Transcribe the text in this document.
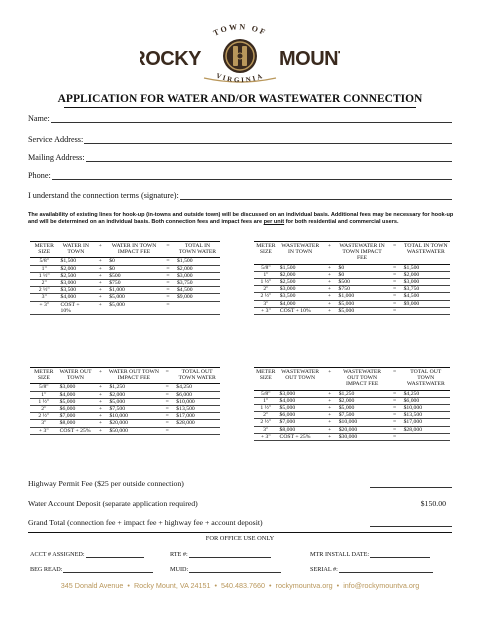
TOWN OF
OCKY	MOUN
VIRGINIA
APPLICATION FOR WATER AND/OR WASTEWATER CONNECTION
Name:
Service Address:
Mailing Address:
Phone:
I understand the connection terms (signature):
The availability of existing lines for hook-up (in-towns and outside town) will be discussed on an individual basis. Additional fees may be necessary for hook-up and will be determined on an individual basis. Both connection fees and impact fees are per unit for both residential and commercial users.
METER SIZE	WATER IN TOWN	+	WATER IN TOWN IMPACT FEE	=	TOTAL IN TOWN WATER
5/8"	$1,500	+	$0	=	$1,500
1"	$2,000	+	$0	=	$2,000
1 ½"	$2,500	+	$500	=	$3,000
2"	$3,000	+	$750	=	$3,750
2 ½"	$3,500	+	$1,000	=	$4,500
3"	$4,000	+	$5,000	=	$9,000
+ 3"	COST + 10%	+	$5,000	=	
METER SIZE	WASTEWATER IN TOWN	+	WASTEWATER IN TOWN IMPACT FEE	=	TOTAL IN TOWN WASTEWATER
5/8"	$1,500	+	$0	=	$1,500
1"	$2,000	+	$0	=	$2,000
1 ½"	$2,500	+	$500	=	$3,000
2"	$3,000	+	$750	=	$3,750
2 ½"	$3,500	+	$1,000	=	$4,500
3"	$4,000	+	$5,000	=	$9,000
+ 3"	COST + 10%	+	$5,000	=	
METER SIZE	WATER OUT TOWN	+	WATER OUT TOWN IMPACT FEE	=	TOTAL OUT TOWN WATER
5/8"	$3,000	+	$1,250	=	$4,250
1"	$4,000	+	$2,000	=	$6,000
1 ½"	$5,000	+	$5,000	=	$10,000
2"	$6,000	+	$7,500	=	$13,500
2 ½"	$7,000	+	$10,000	=	$17,000
3"	$8,000	+	$20,000	=	$28,000
+ 3"	COST + 25%	+	$50,000	=	
METER SIZE	WASTEWATER OUT TOWN	+	WASTEWATER OUT TOWN IMPACT FEE	=	TOTAL OUT TOWN WASTEWATER
5/8"	$3,000	+	$1,250	=	$4,250
1"	$4,000	+	$2,000	=	$6,000
1 ½"	$5,000	+	$5,000	=	$10,000
2"	$6,000	+	$7,500	=	$13,500
2 ½"	$7,000	+	$10,000	=	$17,000
3"	$8,000	+	$20,000	=	$28,000
+ 3"	COST + 25%	+	$30,000	=	
Highway Permit Fee ($25 per outside connection)
Water Account Deposit (separate application required)	$150.00
Grand Total (connection fee + impact fee + highway fee + account deposit)
FOR OFFICE USE ONLY
ACCT # ASSIGNED:	RTE #:	MTR INSTALL DATE:
BEG READ:	MUID:	SERIAL #:
345 Donald Avenue • Rocky Mount, VA 24151 • 540.483.7660 • rockymountva.org • info@rockymountva.org
